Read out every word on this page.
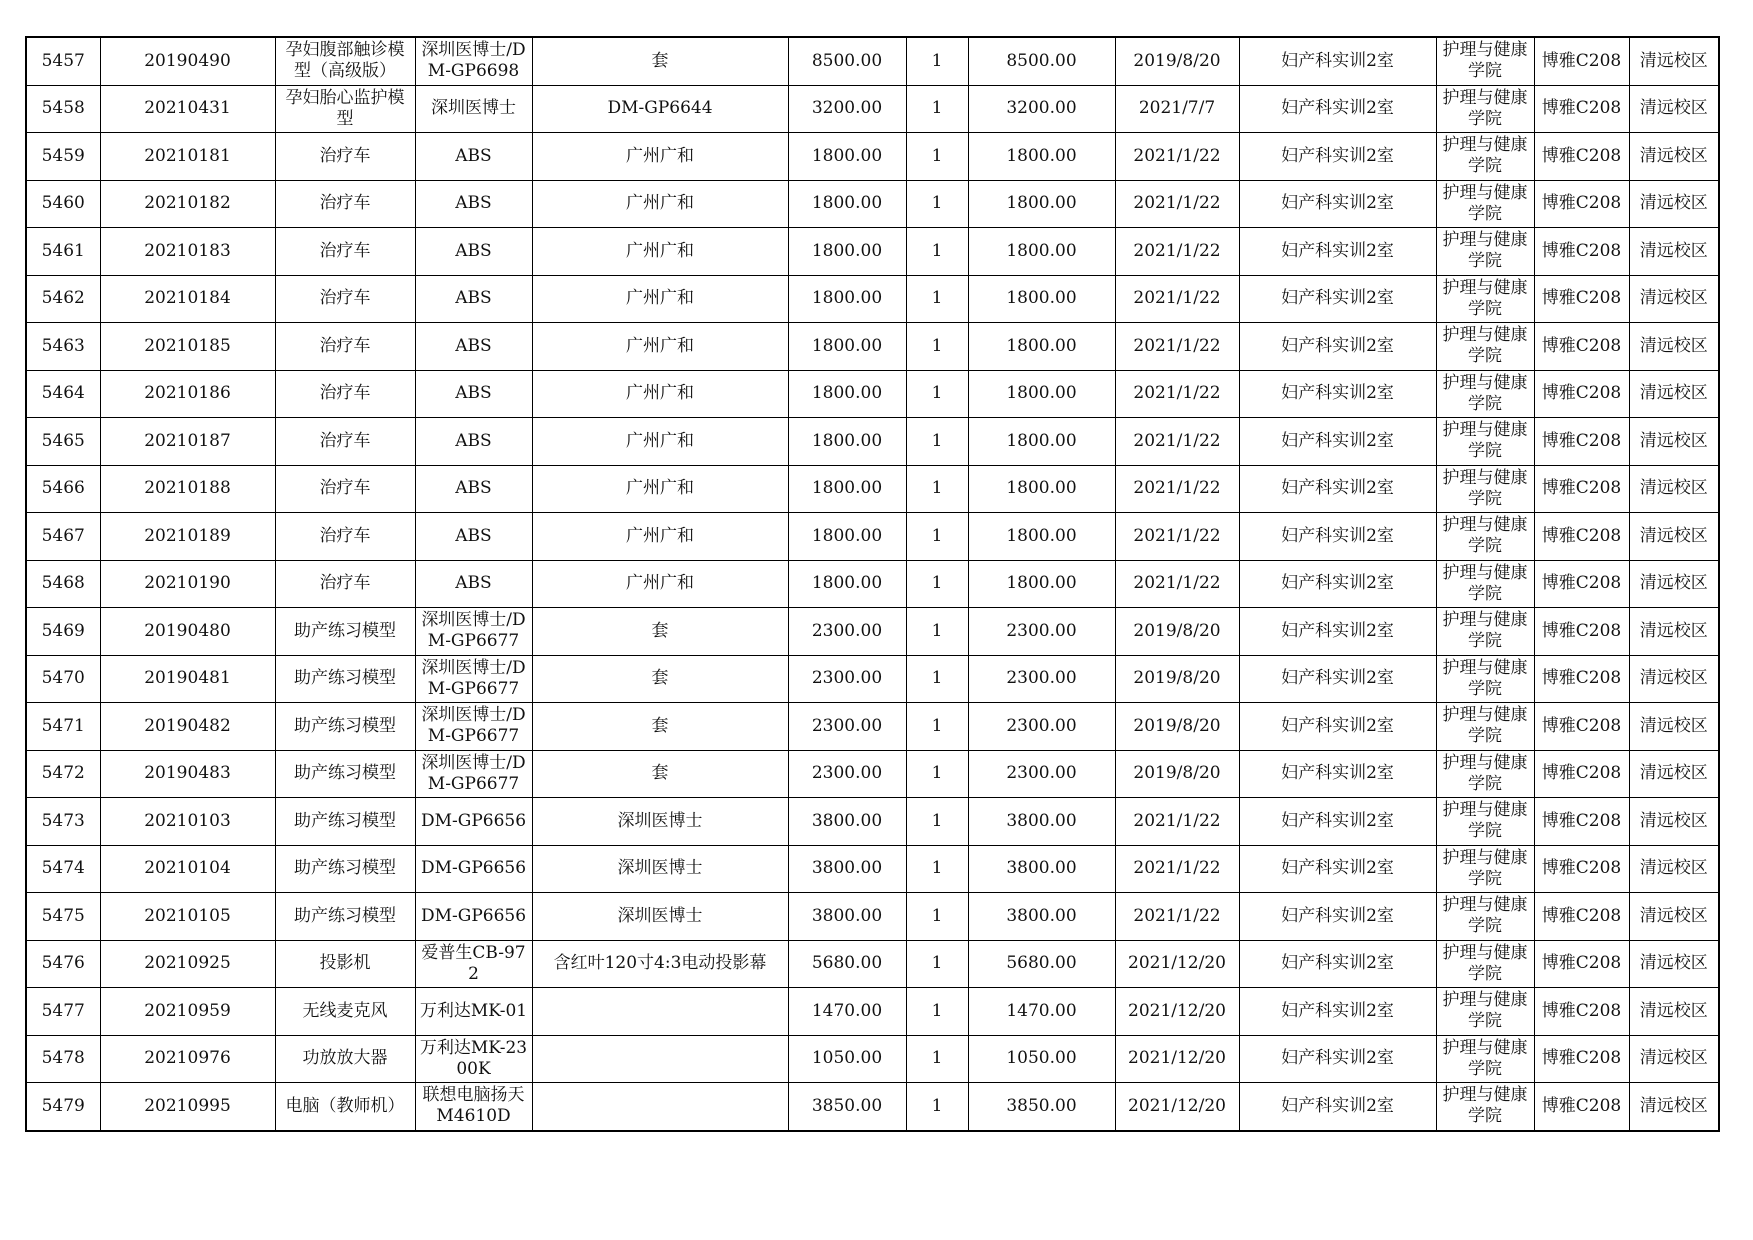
5457	20190490	孕妇腹部触诊模型（高级版）	深圳医博士/DM-GP6698	套	8500.00	1	8500.00	2019/8/20	妇产科实训2室	护理与健康学院	博雅C208	清远校区
5458	20210431	孕妇胎心监护模型	深圳医博士	DM-GP6644	3200.00	1	3200.00	2021/7/7	妇产科实训2室	护理与健康学院	博雅C208	清远校区
5459	20210181	治疗车	ABS	广州广和	1800.00	1	1800.00	2021/1/22	妇产科实训2室	护理与健康学院	博雅C208	清远校区
5460	20210182	治疗车	ABS	广州广和	1800.00	1	1800.00	2021/1/22	妇产科实训2室	护理与健康学院	博雅C208	清远校区
5461	20210183	治疗车	ABS	广州广和	1800.00	1	1800.00	2021/1/22	妇产科实训2室	护理与健康学院	博雅C208	清远校区
5462	20210184	治疗车	ABS	广州广和	1800.00	1	1800.00	2021/1/22	妇产科实训2室	护理与健康学院	博雅C208	清远校区
5463	20210185	治疗车	ABS	广州广和	1800.00	1	1800.00	2021/1/22	妇产科实训2室	护理与健康学院	博雅C208	清远校区
5464	20210186	治疗车	ABS	广州广和	1800.00	1	1800.00	2021/1/22	妇产科实训2室	护理与健康学院	博雅C208	清远校区
5465	20210187	治疗车	ABS	广州广和	1800.00	1	1800.00	2021/1/22	妇产科实训2室	护理与健康学院	博雅C208	清远校区
5466	20210188	治疗车	ABS	广州广和	1800.00	1	1800.00	2021/1/22	妇产科实训2室	护理与健康学院	博雅C208	清远校区
5467	20210189	治疗车	ABS	广州广和	1800.00	1	1800.00	2021/1/22	妇产科实训2室	护理与健康学院	博雅C208	清远校区
5468	20210190	治疗车	ABS	广州广和	1800.00	1	1800.00	2021/1/22	妇产科实训2室	护理与健康学院	博雅C208	清远校区
5469	20190480	助产练习模型	深圳医博士/DM-GP6677	套	2300.00	1	2300.00	2019/8/20	妇产科实训2室	护理与健康学院	博雅C208	清远校区
5470	20190481	助产练习模型	深圳医博士/DM-GP6677	套	2300.00	1	2300.00	2019/8/20	妇产科实训2室	护理与健康学院	博雅C208	清远校区
5471	20190482	助产练习模型	深圳医博士/DM-GP6677	套	2300.00	1	2300.00	2019/8/20	妇产科实训2室	护理与健康学院	博雅C208	清远校区
5472	20190483	助产练习模型	深圳医博士/DM-GP6677	套	2300.00	1	2300.00	2019/8/20	妇产科实训2室	护理与健康学院	博雅C208	清远校区
5473	20210103	助产练习模型	DM-GP6656	深圳医博士	3800.00	1	3800.00	2021/1/22	妇产科实训2室	护理与健康学院	博雅C208	清远校区
5474	20210104	助产练习模型	DM-GP6656	深圳医博士	3800.00	1	3800.00	2021/1/22	妇产科实训2室	护理与健康学院	博雅C208	清远校区
5475	20210105	助产练习模型	DM-GP6656	深圳医博士	3800.00	1	3800.00	2021/1/22	妇产科实训2室	护理与健康学院	博雅C208	清远校区
5476	20210925	投影机	爱普生CB-972	含红叶120寸4:3电动投影幕	5680.00	1	5680.00	2021/12/20	妇产科实训2室	护理与健康学院	博雅C208	清远校区
5477	20210959	无线麦克风	万利达MK-01		1470.00	1	1470.00	2021/12/20	妇产科实训2室	护理与健康学院	博雅C208	清远校区
5478	20210976	功放放大器	万利达MK-2300K		1050.00	1	1050.00	2021/12/20	妇产科实训2室	护理与健康学院	博雅C208	清远校区
5479	20210995	电脑（教师机）	联想电脑扬天M4610D		3850.00	1	3850.00	2021/12/20	妇产科实训2室	护理与健康学院	博雅C208	清远校区
